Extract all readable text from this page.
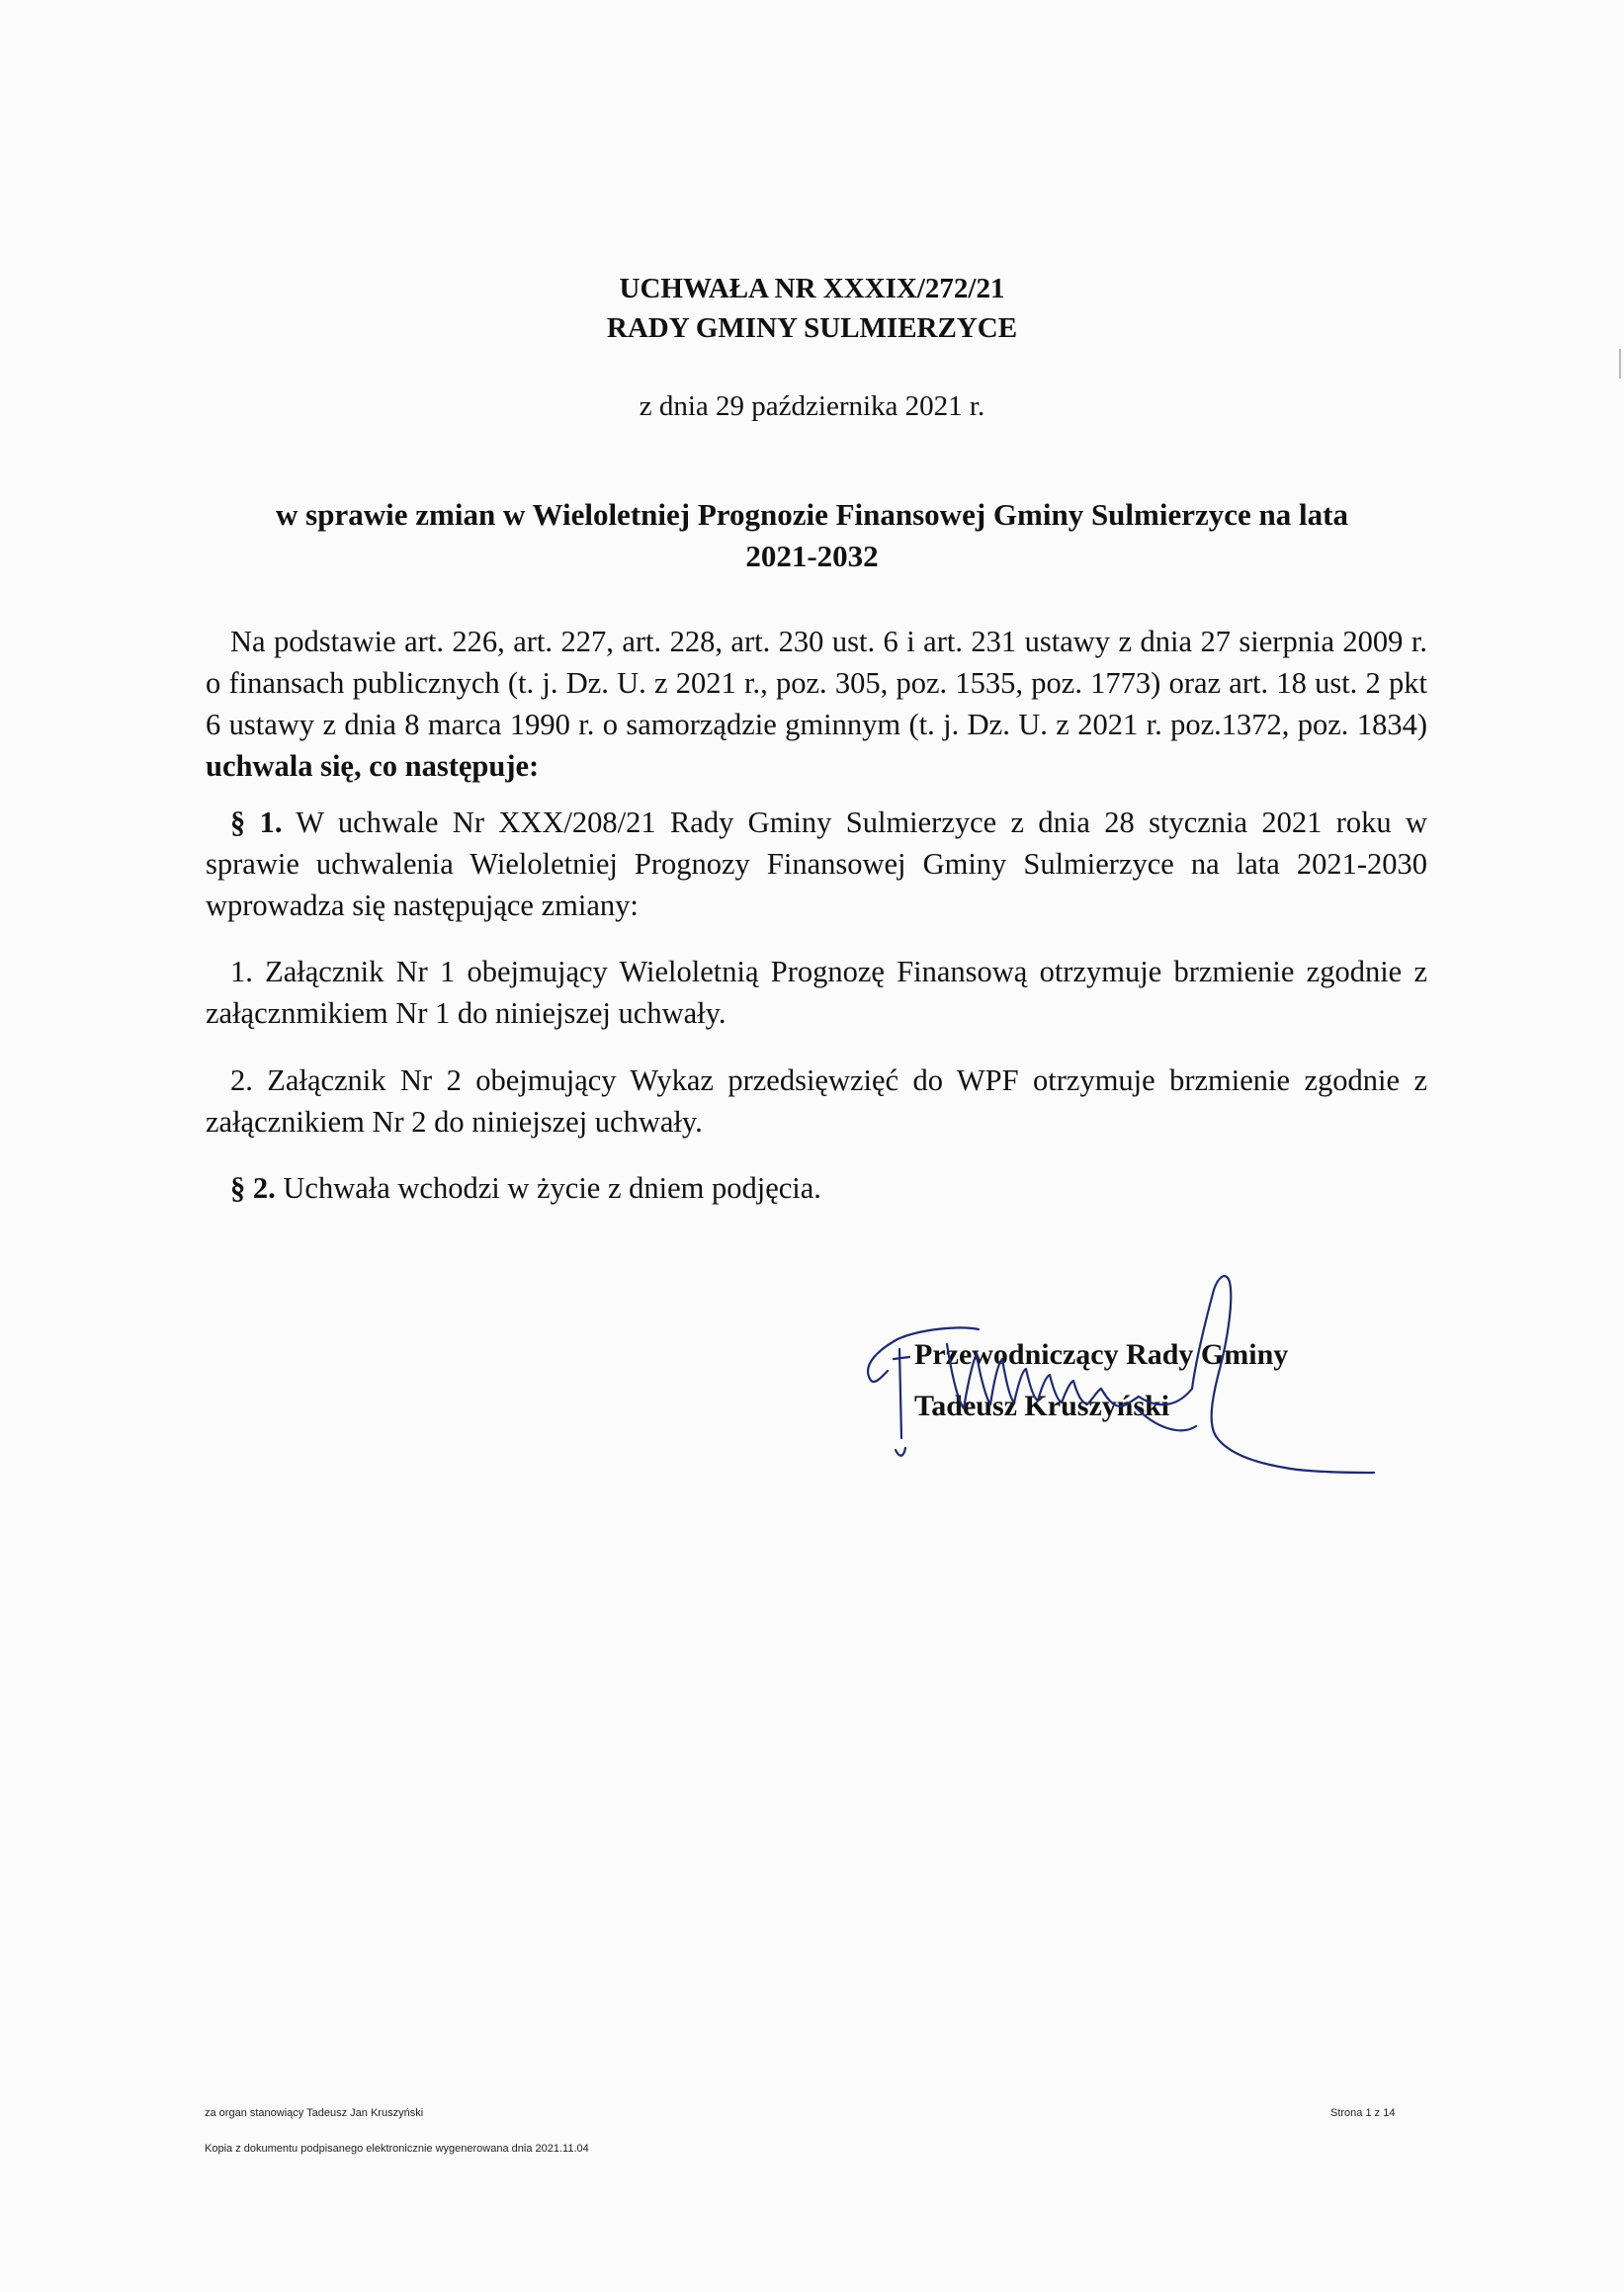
UCHWAŁA NR XXXIX/272/21
RADY GMINY SULMIERZYCE
z dnia 29 października 2021 r.
w sprawie zmian w Wieloletniej Prognozie Finansowej Gminy Sulmierzyce na lata
2021-2032
Na podstawie art. 226, art. 227, art. 228, art. 230 ust. 6 i art. 231 ustawy z dnia 27 sierpnia 2009 r. o finansach publicznych (t. j. Dz. U. z 2021 r., poz. 305, poz. 1535, poz. 1773) oraz art. 18 ust. 2 pkt 6 ustawy z dnia 8 marca 1990 r. o samorządzie gminnym (t. j. Dz. U. z 2021 r. poz.1372, poz. 1834) uchwala się, co następuje:
§ 1. W uchwale Nr XXX/208/21 Rady Gminy Sulmierzyce z dnia 28 stycznia 2021 roku w sprawie uchwalenia Wieloletniej Prognozy Finansowej Gminy Sulmierzyce na lata 2021-2030 wprowadza się następujące zmiany:
1. Załącznik Nr 1 obejmujący Wieloletnią Prognozę Finansową otrzymuje brzmienie zgodnie z załącznmikiem Nr 1 do niniejszej uchwały.
2. Załącznik Nr 2 obejmujący Wykaz przedsięwzięć do WPF otrzymuje brzmienie zgodnie z załącznikiem Nr 2 do niniejszej uchwały.
§ 2. Uchwała wchodzi w życie z dniem podjęcia.
Przewodniczący Rady Gminy
Tadeusz Kruszyński
za organ stanowiący Tadeusz Jan Kruszyński	Strona 1 z 14
Kopia z dokumentu podpisanego elektronicznie wygenerowana dnia 2021.11.04
